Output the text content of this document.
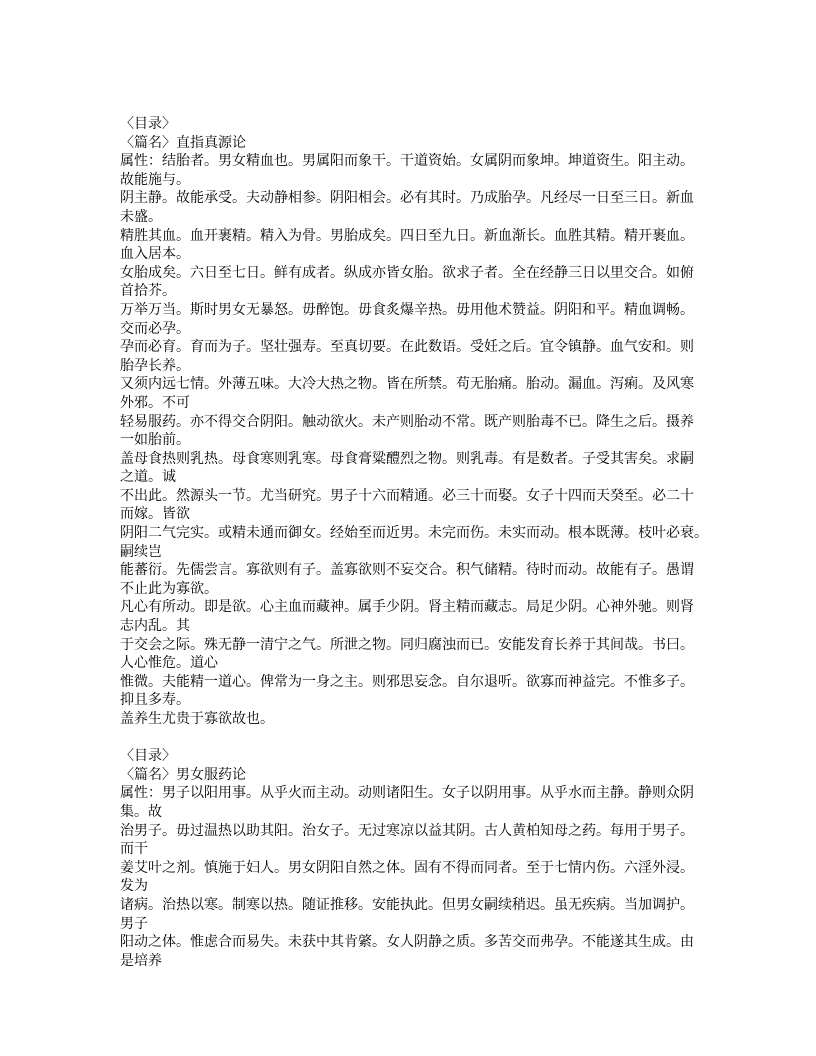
〈目录〉
〈篇名〉直指真源论
属性：结胎者。男女精血也。男属阳而象干。干道资始。女属阴而象坤。坤道资生。阳主动。
故能施与。
阴主静。故能承受。夫动静相参。阴阳相会。必有其时。乃成胎孕。凡经尽一日至三日。新血
未盛。
精胜其血。血开裹精。精入为骨。男胎成矣。四日至九日。新血渐长。血胜其精。精开裹血。
血入居本。
女胎成矣。六日至七日。鲜有成者。纵成亦皆女胎。欲求子者。全在经静三日以里交合。如俯
首拾芥。
万举万当。斯时男女无暴怒。毋醉饱。毋食炙爆辛热。毋用他术赞益。阴阳和平。精血调畅。
交而必孕。
孕而必育。育而为子。坚壮强寿。至真切要。在此数语。受妊之后。宜令镇静。血气安和。则
胎孕长养。
又须内远七情。外薄五味。大冷大热之物。皆在所禁。苟无胎痛。胎动。漏血。泻痢。及风寒
外邪。不可
轻易服药。亦不得交合阴阳。触动欲火。未产则胎动不常。既产则胎毒不已。降生之后。摄养
一如胎前。
盖母食热则乳热。母食寒则乳寒。母食膏粱醴烈之物。则乳毒。有是数者。子受其害矣。求嗣
之道。诚
不出此。然源头一节。尤当研究。男子十六而精通。必三十而娶。女子十四而天癸至。必二十
而嫁。皆欲
阴阳二气完实。或精未通而御女。经始至而近男。未完而伤。未实而动。根本既薄。枝叶必衰。
嗣续岂
能蕃衍。先儒尝言。寡欲则有子。盖寡欲则不妄交合。积气储精。待时而动。故能有子。愚谓
不止此为寡欲。
凡心有所动。即是欲。心主血而藏神。属手少阴。肾主精而藏志。局足少阴。心神外驰。则肾
志内乱。其
于交会之际。殊无静一清宁之气。所泄之物。同归腐浊而已。安能发育长养于其间哉。书曰。
人心惟危。道心
惟微。夫能精一道心。俾常为一身之主。则邪思妄念。自尔退听。欲寡而神益完。不惟多子。
抑且多寿。
盖养生尤贵于寡欲故也。
〈目录〉
〈篇名〉男女服药论
属性：男子以阳用事。从乎火而主动。动则诸阳生。女子以阴用事。从乎水而主静。静则众阴
集。故
治男子。毋过温热以助其阳。治女子。无过寒凉以益其阴。古人黄柏知母之药。每用于男子。
而干
姜艾叶之剂。慎施于妇人。男女阴阳自然之体。固有不得而同者。至于七情内伤。六淫外浸。
发为
诸病。治热以寒。制寒以热。随证推移。安能执此。但男女嗣续稍迟。虽无疾病。当加调护。
男子
阳动之体。惟虑合而易失。未获中其肯綮。女人阴静之质。多苦交而弗孕。不能遂其生成。由
是培养
